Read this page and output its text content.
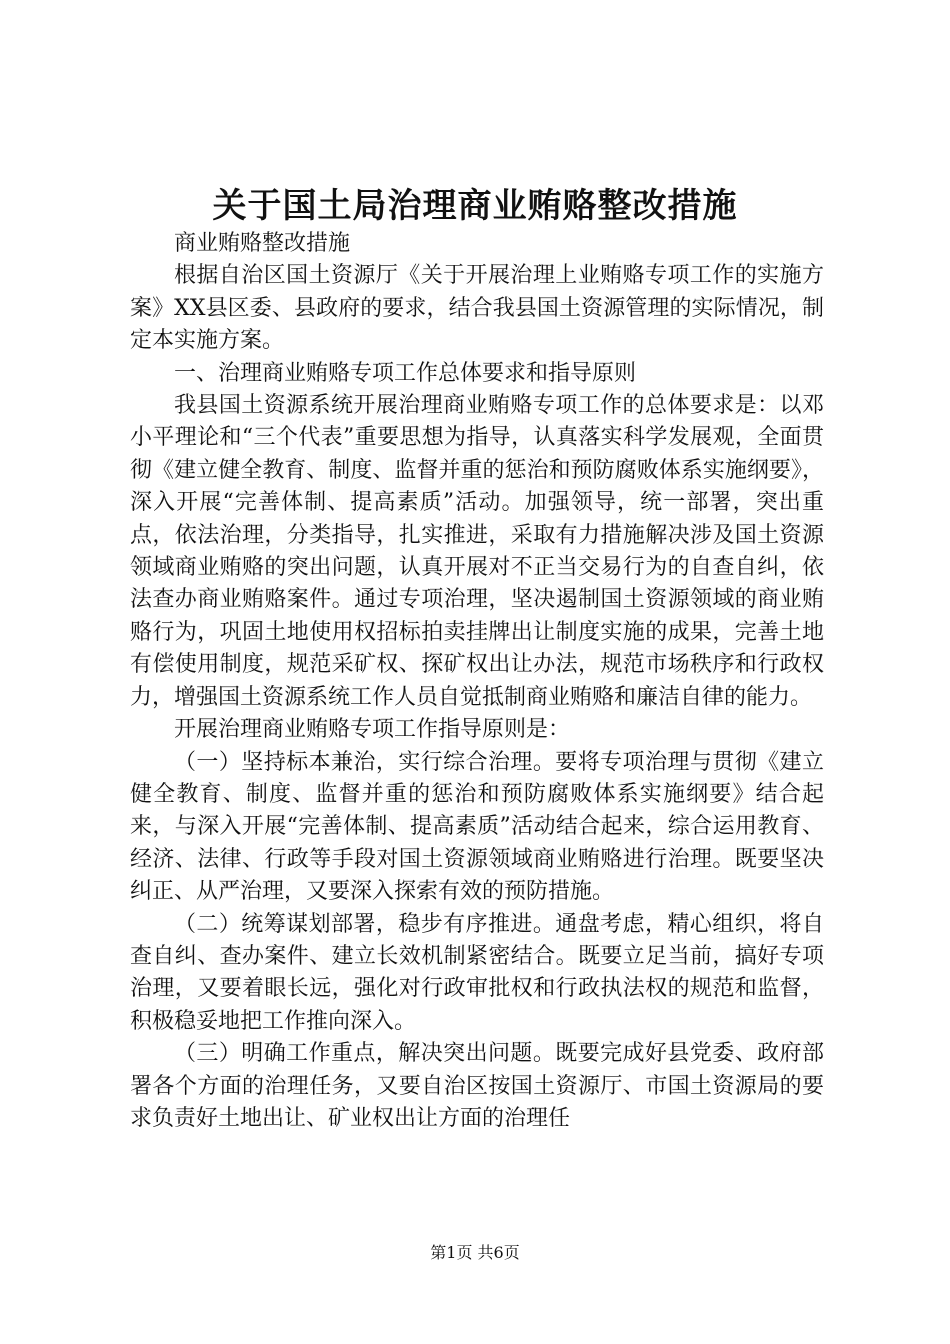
关于国土局治理商业贿赂整改措施

商业贿赂整改措施

根据自治区国土资源厅《关于开展治理上业贿赂专项工作的实施方案》XX县区委、县政府的要求，结合我县国土资源管理的实际情况，制定本实施方案。

一、治理商业贿赂专项工作总体要求和指导原则

我县国土资源系统开展治理商业贿赂专项工作的总体要求是：以邓小平理论和“三个代表”重要思想为指导，认真落实科学发展观，全面贯彻《建立健全教育、制度、监督并重的惩治和预防腐败体系实施纲要》，深入开展“完善体制、提高素质”活动。加强领导，统一部署，突出重点，依法治理，分类指导，扎实推进，采取有力措施解决涉及国土资源领域商业贿赂的突出问题，认真开展对不正当交易行为的自查自纠，依法查办商业贿赂案件。通过专项治理，坚决遏制国土资源领域的商业贿赂行为，巩固土地使用权招标拍卖挂牌出让制度实施的成果，完善土地有偿使用制度，规范采矿权、探矿权出让办法，规范市场秩序和行政权力，增强国土资源系统工作人员自觉抵制商业贿赂和廉洁自律的能力。

开展治理商业贿赂专项工作指导原则是：

（一）坚持标本兼治，实行综合治理。要将专项治理与贯彻《建立健全教育、制度、监督并重的惩治和预防腐败体系实施纲要》结合起来，与深入开展“完善体制、提高素质”活动结合起来，综合运用教育、经济、法律、行政等手段对国土资源领域商业贿赂进行治理。既要坚决纠正、从严治理，又要深入探索有效的预防措施。

（二）统筹谋划部署，稳步有序推进。通盘考虑，精心组织，将自查自纠、查办案件、建立长效机制紧密结合。既要立足当前，搞好专项治理，又要着眼长远，强化对行政审批权和行政执法权的规范和监督，积极稳妥地把工作推向深入。

（三）明确工作重点，解决突出问题。既要完成好县党委、政府部署各个方面的治理任务，又要自治区按国土资源厅、市国土资源局的要求负责好土地出让、矿业权出让方面的治理任

第1页 共6页
